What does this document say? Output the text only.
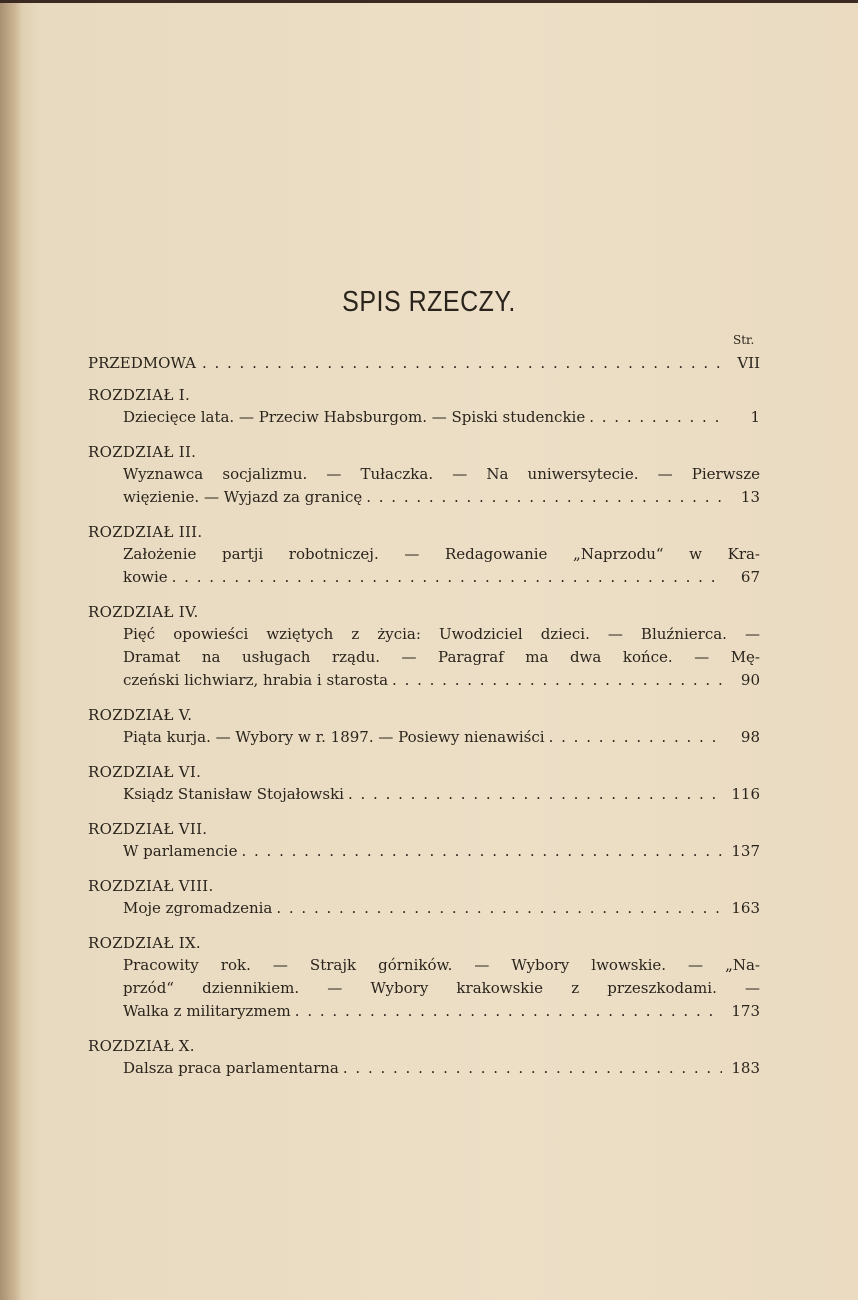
SPIS RZECZY.
Str.
PRZEDMOWA . . .	VII
ROZDZIAŁ I.
Dziecięce lata. — Przeciw Habsburgom. — Spiski studenckie . . .	1
ROZDZIAŁ II.
Wyznawca socjalizmu. — Tułaczka. — Na uniwersytecie. — Pierwsze
więzienie. — Wyjazd za granicę . . .	13
ROZDZIAŁ III.
Założenie partji robotniczej. — Redagowanie „Naprzodu“ w Kra-
kowie . . .	67
ROZDZIAŁ IV.
Pięć opowieści wziętych z życia: Uwodziciel dzieci. — Bluźnierca. —
Dramat na usługach rządu. — Paragraf ma dwa końce. — Mę-
czeński lichwiarz, hrabia i starosta . . .	90
ROZDZIAŁ V.
Piąta kurja. — Wybory w r. 1897. — Posiewy nienawiści . . .	98
ROZDZIAŁ VI.
Ksiądz Stanisław Stojałowski . . .	116
ROZDZIAŁ VII.
W parlamencie . . .	137
ROZDZIAŁ VIII.
Moje zgromadzenia . . .	163
ROZDZIAŁ IX.
Pracowity rok. — Strajk górników. — Wybory lwowskie. — „Na-
przód“ dziennikiem. — Wybory krakowskie z przeszkodami. —
Walka z militaryzmem . . .	173
ROZDZIAŁ X.
Dalsza praca parlamentarna . . .	183
